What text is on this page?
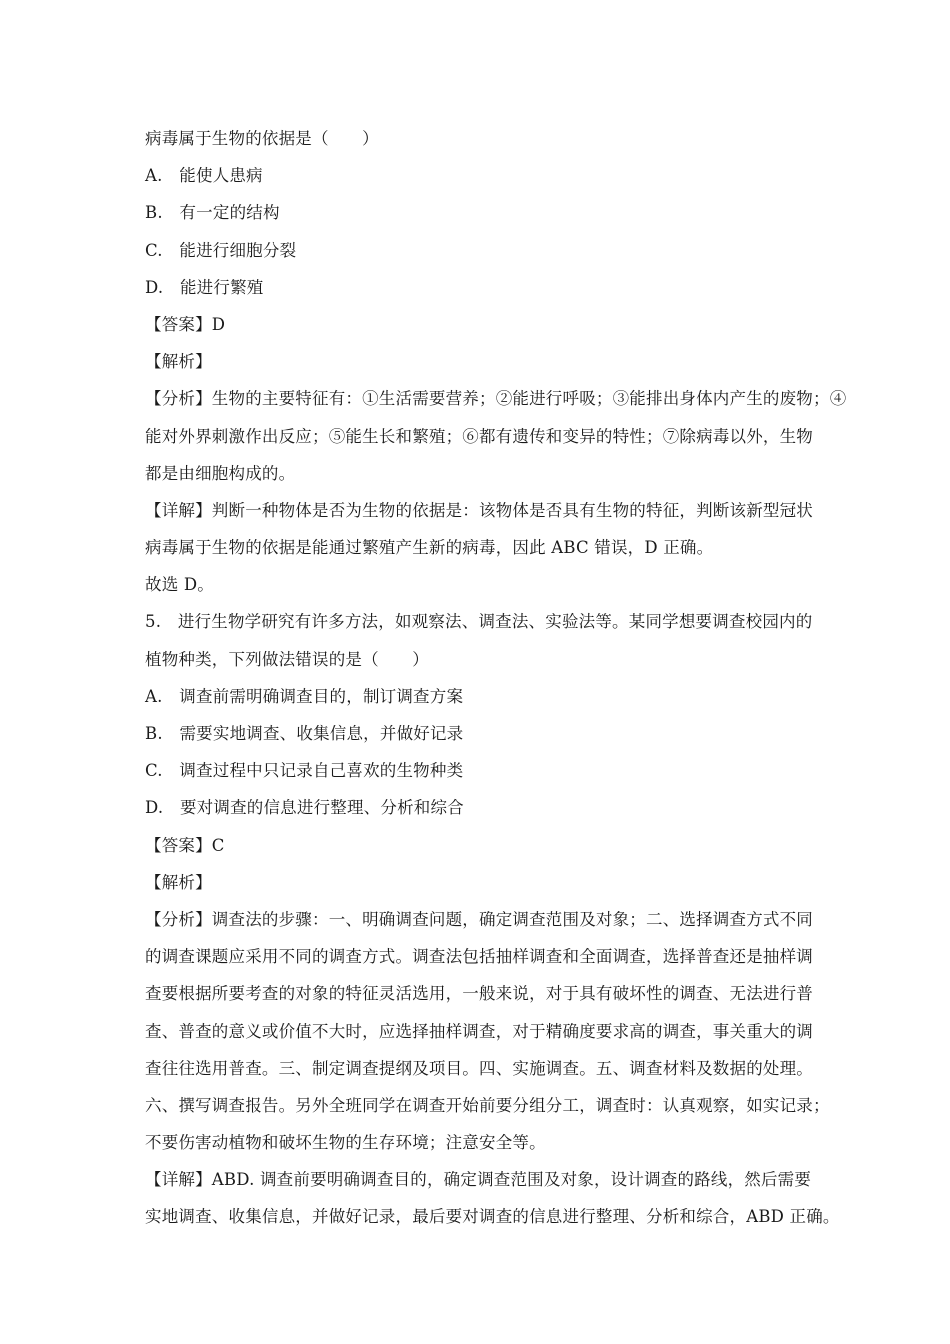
病毒属于生物的依据是（　　）
A.　能使人患病
B.　有一定的结构
C.　能进行细胞分裂
D.　能进行繁殖
【答案】D
【解析】
【分析】生物的主要特征有：①生活需要营养；②能进行呼吸；③能排出身体内产生的废物；④
能对外界刺激作出反应；⑤能生长和繁殖；⑥都有遗传和变异的特性；⑦除病毒以外，生物
都是由细胞构成的。
【详解】判断一种物体是否为生物的依据是：该物体是否具有生物的特征，判断该新型冠状
病毒属于生物的依据是能通过繁殖产生新的病毒，因此 ABC 错误，D 正确。
故选 D。
5.　进行生物学研究有许多方法，如观察法、调查法、实验法等。某同学想要调查校园内的
植物种类，下列做法错误的是（　　）
A.　调查前需明确调查目的，制订调查方案
B.　需要实地调查、收集信息，并做好记录
C.　调查过程中只记录自己喜欢的生物种类
D.　要对调查的信息进行整理、分析和综合
【答案】C
【解析】
【分析】调查法的步骤：一、明确调查问题，确定调查范围及对象；二、选择调查方式不同
的调查课题应采用不同的调查方式。调查法包括抽样调查和全面调查，选择普查还是抽样调
查要根据所要考查的对象的特征灵活选用，一般来说，对于具有破坏性的调查、无法进行普
查、普查的意义或价值不大时，应选择抽样调查，对于精确度要求高的调查，事关重大的调
查往往选用普查。三、制定调查提纲及项目。四、实施调查。五、调查材料及数据的处理。
六、撰写调查报告。另外全班同学在调查开始前要分组分工，调查时：认真观察，如实记录；
不要伤害动植物和破坏生物的生存环境；注意安全等。
【详解】ABD. 调查前要明确调查目的，确定调查范围及对象，设计调查的路线，然后需要
实地调查、收集信息，并做好记录，最后要对调查的信息进行整理、分析和综合，ABD 正确。
